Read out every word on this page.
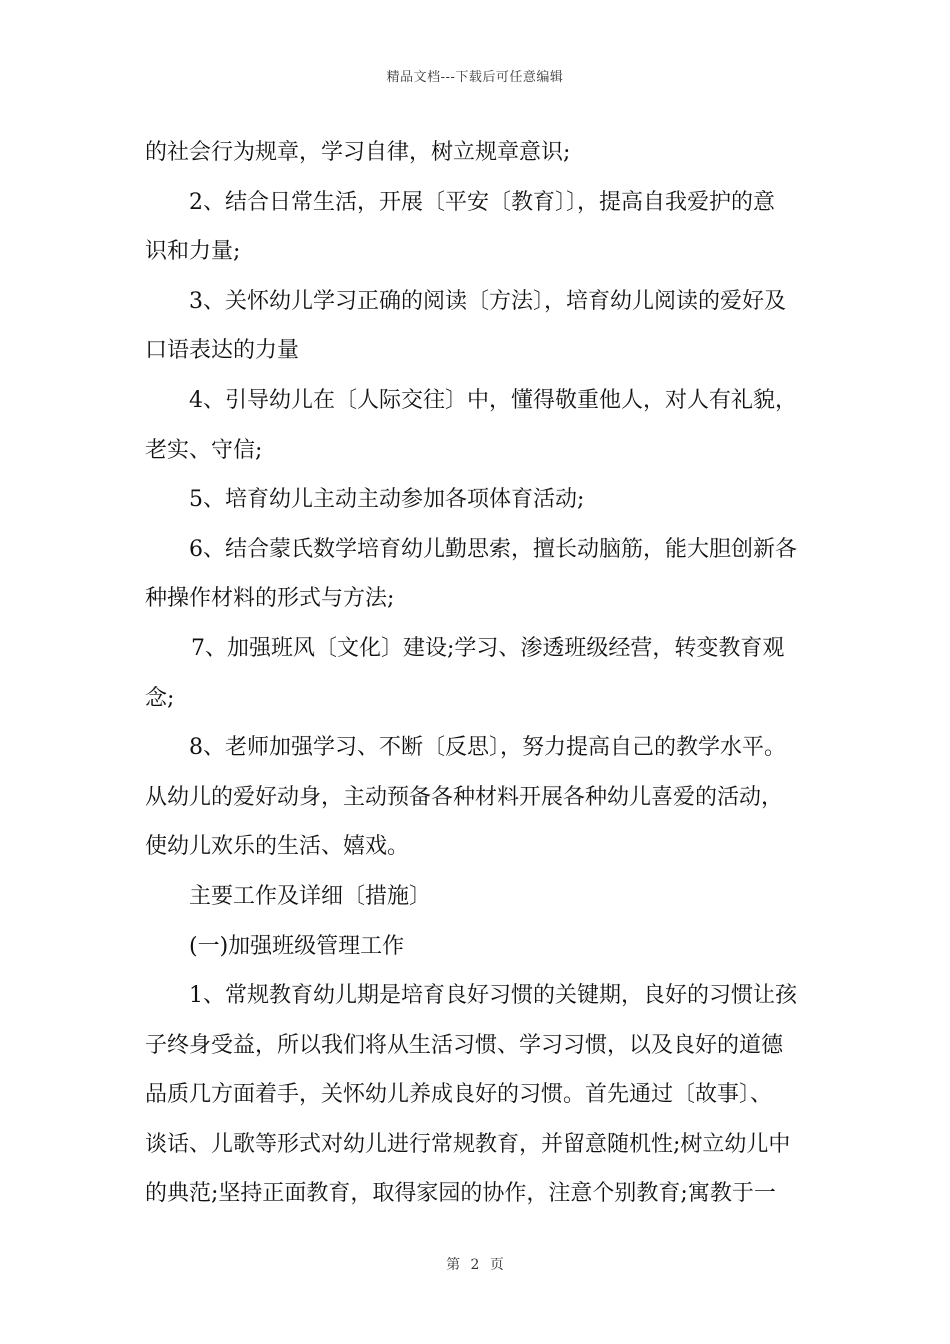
精品文档---下载后可任意编辑
的社会行为规章，学习自律，树立规章意识;
2、结合日常生活，开展〔平安〔教育〕〕，提高自我爱护的意
识和力量;
3、关怀幼儿学习正确的阅读〔方法〕，培育幼儿阅读的爱好及
口语表达的力量
4、引导幼儿在〔人际交往〕中，懂得敬重他人，对人有礼貌，
老实、守信;
5、培育幼儿主动主动参加各项体育活动;
6、结合蒙氏数学培育幼儿勤思索，擅长动脑筋，能大胆创新各
种操作材料的形式与方法;
7、加强班风〔文化〕建设;学习、渗透班级经营，转变教育观
念;
8、老师加强学习、不断〔反思〕，努力提高自己的教学水平。
从幼儿的爱好动身，主动预备各种材料开展各种幼儿喜爱的活动，
使幼儿欢乐的生活、嬉戏。
主要工作及详细〔措施〕
(一)加强班级管理工作
1、常规教育幼儿期是培育良好习惯的关键期，良好的习惯让孩
子终身受益，所以我们将从生活习惯、学习习惯，以及良好的道德
品质几方面着手，关怀幼儿养成良好的习惯。首先通过〔故事〕、
谈话、儿歌等形式对幼儿进行常规教育，并留意随机性;树立幼儿中
的典范;坚持正面教育，取得家园的协作，注意个别教育;寓教于一
第 2 页
